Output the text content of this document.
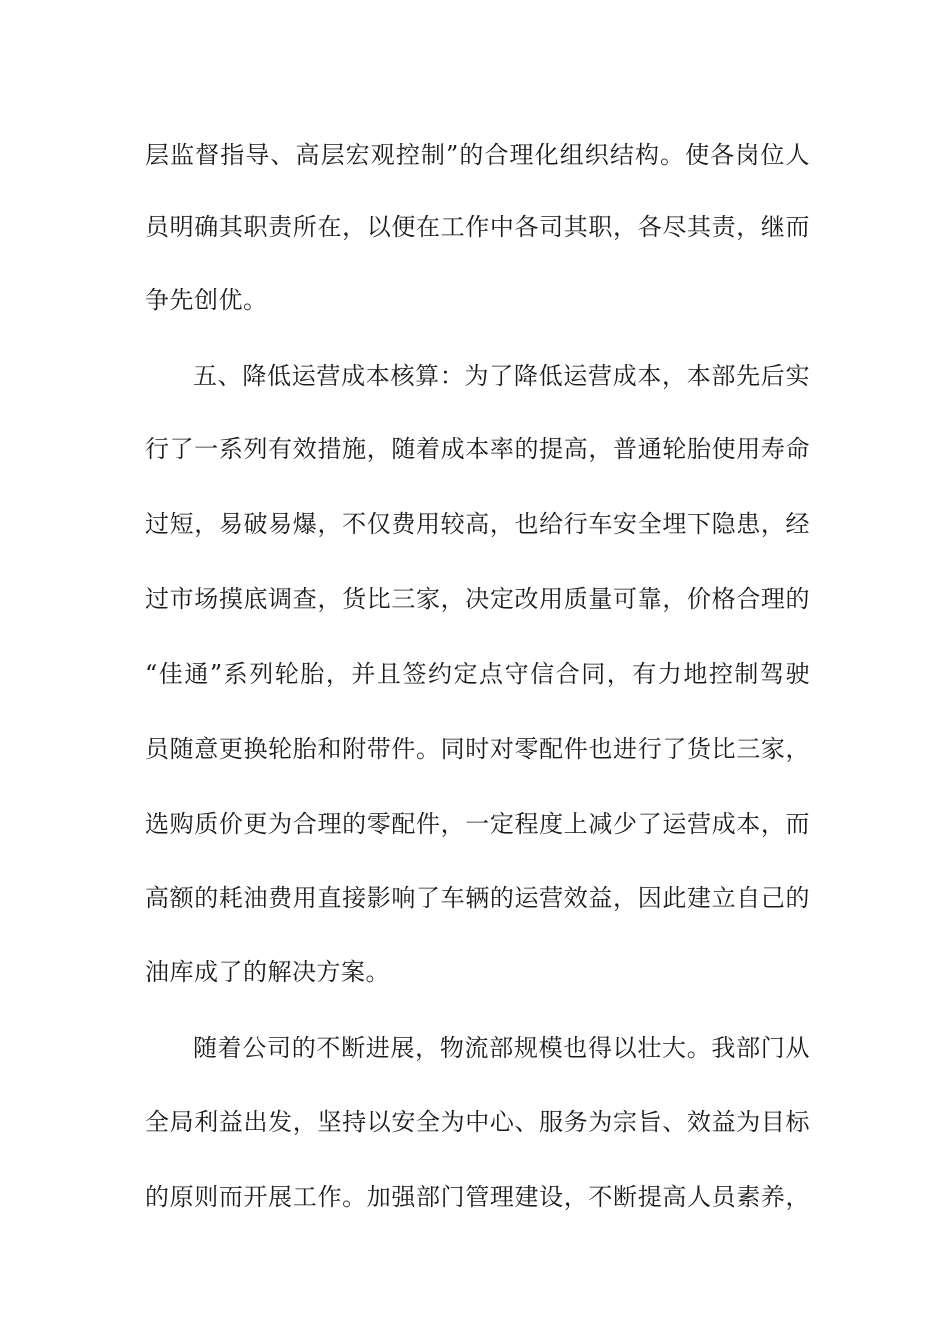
层监督指导、高层宏观控制”的合理化组织结构。使各岗位人
员明确其职责所在，以便在工作中各司其职，各尽其责，继而
争先创优。
五、降低运营成本核算：为了降低运营成本，本部先后实
行了一系列有效措施，随着成本率的提高，普通轮胎使用寿命
过短，易破易爆，不仅费用较高，也给行车安全埋下隐患，经
过市场摸底调查，货比三家，决定改用质量可靠，价格合理的
“佳通”系列轮胎，并且签约定点守信合同，有力地控制驾驶
员随意更换轮胎和附带件。同时对零配件也进行了货比三家，
选购质价更为合理的零配件，一定程度上减少了运营成本，而
高额的耗油费用直接影响了车辆的运营效益，因此建立自己的
油库成了的解决方案。
随着公司的不断进展，物流部规模也得以壮大。我部门从
全局利益出发，坚持以安全为中心、服务为宗旨、效益为目标
的原则而开展工作。加强部门管理建设，不断提高人员素养，
